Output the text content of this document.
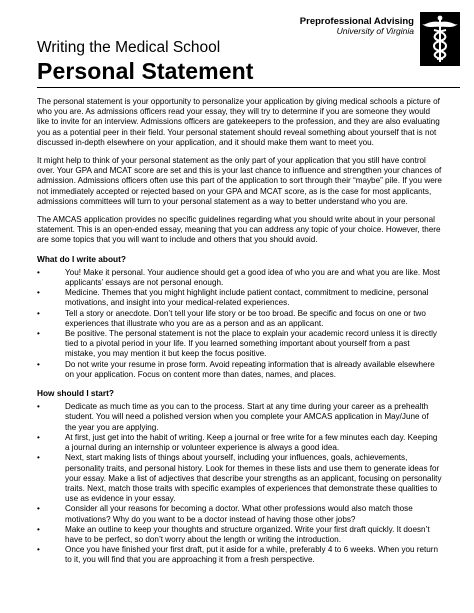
Preprofessional Advising
University of Virginia
Writing the Medical School
Personal Statement

The personal statement is your opportunity to personalize your application by giving medical schools a picture of who you are. As admissions officers read your essay, they will try to determine if you are someone they would like to invite for an interview. Admissions officers are gatekeepers to the profession, and they are also evaluating you as a potential peer in their field. Your personal statement should reveal something about yourself that is not discussed in-depth elsewhere on your application, and it should make them want to meet you.

It might help to think of your personal statement as the only part of your application that you still have control over. Your GPA and MCAT score are set and this is your last chance to influence and strengthen your chances of admission. Admissions officers often use this part of the application to sort through their “maybe” pile. If you were not immediately accepted or rejected based on your GPA and MCAT score, as is the case for most applicants, admissions committees will turn to your personal statement as a way to better understand who you are.

The AMCAS application provides no specific guidelines regarding what you should write about in your personal statement. This is an open-ended essay, meaning that you can address any topic of your choice. However, there are some topics that you will want to include and others that you should avoid.

What do I write about?
•	You! Make it personal. Your audience should get a good idea of who you are and what you are like. Most applicants’ essays are not personal enough.
•	Medicine. Themes that you might highlight include patient contact, commitment to medicine, personal motivations, and insight into your medical-related experiences.
•	Tell a story or anecdote. Don’t tell your life story or be too broad. Be specific and focus on one or two experiences that illustrate who you are as a person and as an applicant.
•	Be positive. The personal statement is not the place to explain your academic record unless it is directly tied to a pivotal period in your life. If you learned something important about yourself from a past mistake, you may mention it but keep the focus positive.
•	Do not write your resume in prose form. Avoid repeating information that is already available elsewhere on your application. Focus on content more than dates, names, and places.
How should I start?
•	Dedicate as much time as you can to the process. Start at any time during your career as a prehealth student. You will need a polished version when you complete your AMCAS application in May/June of the year you are applying.
•	At first, just get into the habit of writing. Keep a journal or free write for a few minutes each day. Keeping a journal during an internship or volunteer experience is always a good idea.
•	Next, start making lists of things about yourself, including your influences, goals, achievements, personality traits, and personal history. Look for themes in these lists and use them to generate ideas for your essay. Make a list of adjectives that describe your strengths as an applicant, focusing on personality traits. Next, match those traits with specific examples of experiences that demonstrate these qualities to use as evidence in your essay.
•	Consider all your reasons for becoming a doctor. What other professions would also match those motivations? Why do you want to be a doctor instead of having those other jobs?
•	Make an outline to keep your thoughts and structure organized. Write your first draft quickly. It doesn’t have to be perfect, so don’t worry about the length or writing the introduction.
•	Once you have finished your first draft, put it aside for a while, preferably 4 to 6 weeks. When you return to it, you will find that you are approaching it from a fresh perspective.
